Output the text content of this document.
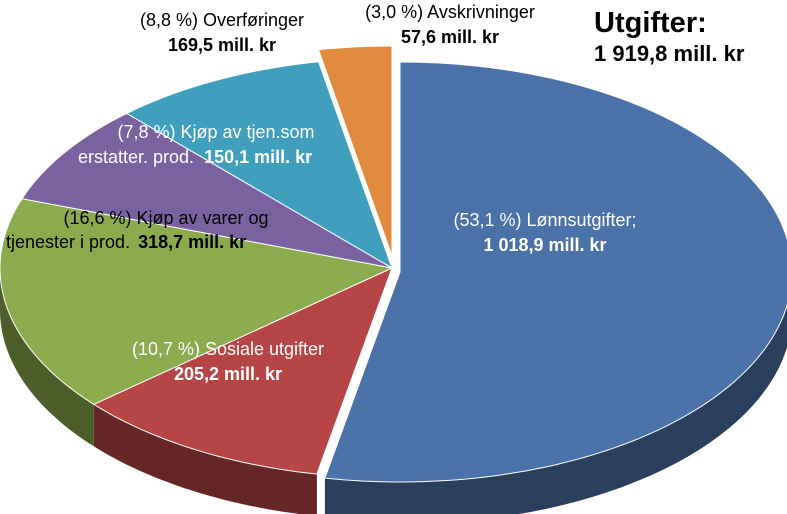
(53,1 %) Lønnsutgifter;
1 018,9 mill. kr
(10,7 %) Sosiale utgifter
205,2 mill. kr
(16,6 %) Kjøp av varer og
tjenester i prod. 318,7 mill. kr
(7,8 %) Kjøp av tjen.som
erstatter. prod. 150,1 mill. kr
(8,8 %) Overføringer
169,5 mill. kr
(3,0 %) Avskrivninger
57,6 mill. kr	Utgifter:
1 919,8 mill. kr
